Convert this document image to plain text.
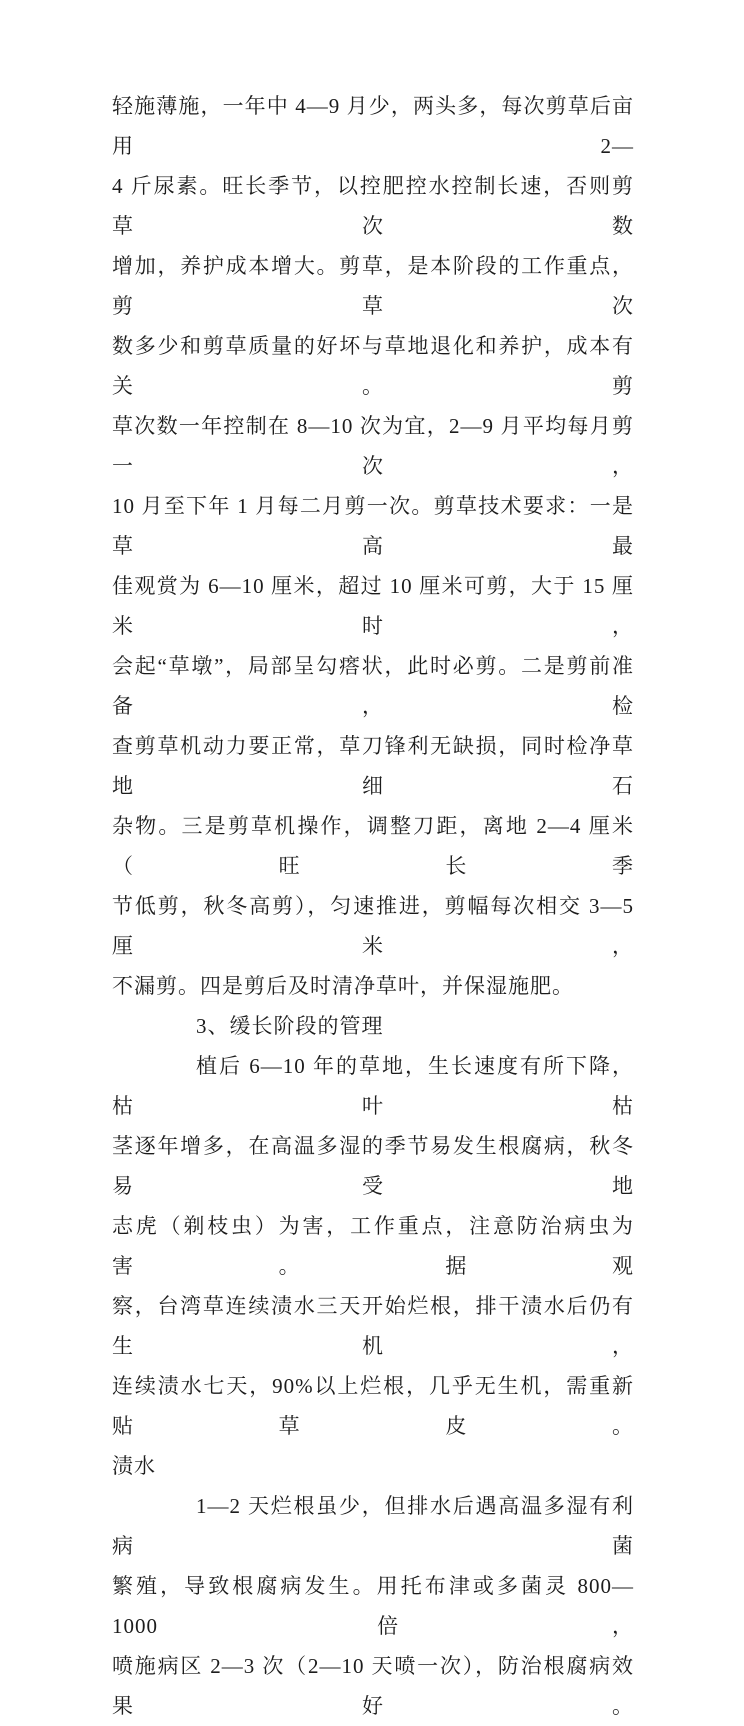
轻施薄施，一年中 4—9 月少，两头多，每次剪草后亩用 2—
4 斤尿素。旺长季节，以控肥控水控制长速，否则剪草次数
增加，养护成本增大。剪草，是本阶段的工作重点，剪草次
数多少和剪草质量的好坏与草地退化和养护，成本有关。剪
草次数一年控制在 8—10 次为宜，2—9 月平均每月剪一次，
10 月至下年 1 月每二月剪一次。剪草技术要求：一是草高最
佳观赏为 6—10 厘米，超过 10 厘米可剪，大于 15 厘米时，
会起“草墩”，局部呈勾瘩状，此时必剪。二是剪前准备，检
查剪草机动力要正常，草刀锋利无缺损，同时检净草地细石
杂物。三是剪草机操作，调整刀距，离地 2—4 厘米（旺长季
节低剪，秋冬高剪），匀速推进，剪幅每次相交 3—5 厘米，
不漏剪。四是剪后及时清净草叶，并保湿施肥。
3、缓长阶段的管理
植后 6—10 年的草地，生长速度有所下降，枯叶枯
茎逐年增多，在高温多湿的季节易发生根腐病，秋冬易受地
志虎（剃枝虫）为害，工作重点，注意防治病虫为害。据观
察，台湾草连续渍水三天开始烂根，排干渍水后仍有生机，
连续渍水七天，90%以上烂根，几乎无生机，需重新贴草皮。
渍水
1—2 天烂根虽少，但排水后遇高温多湿有利病菌
繁殖，导致根腐病发生。用托布津或多菌灵 800—1000 倍，
喷施病区 2—3 次（2—10 天喷一次），防治根腐病效果好。
